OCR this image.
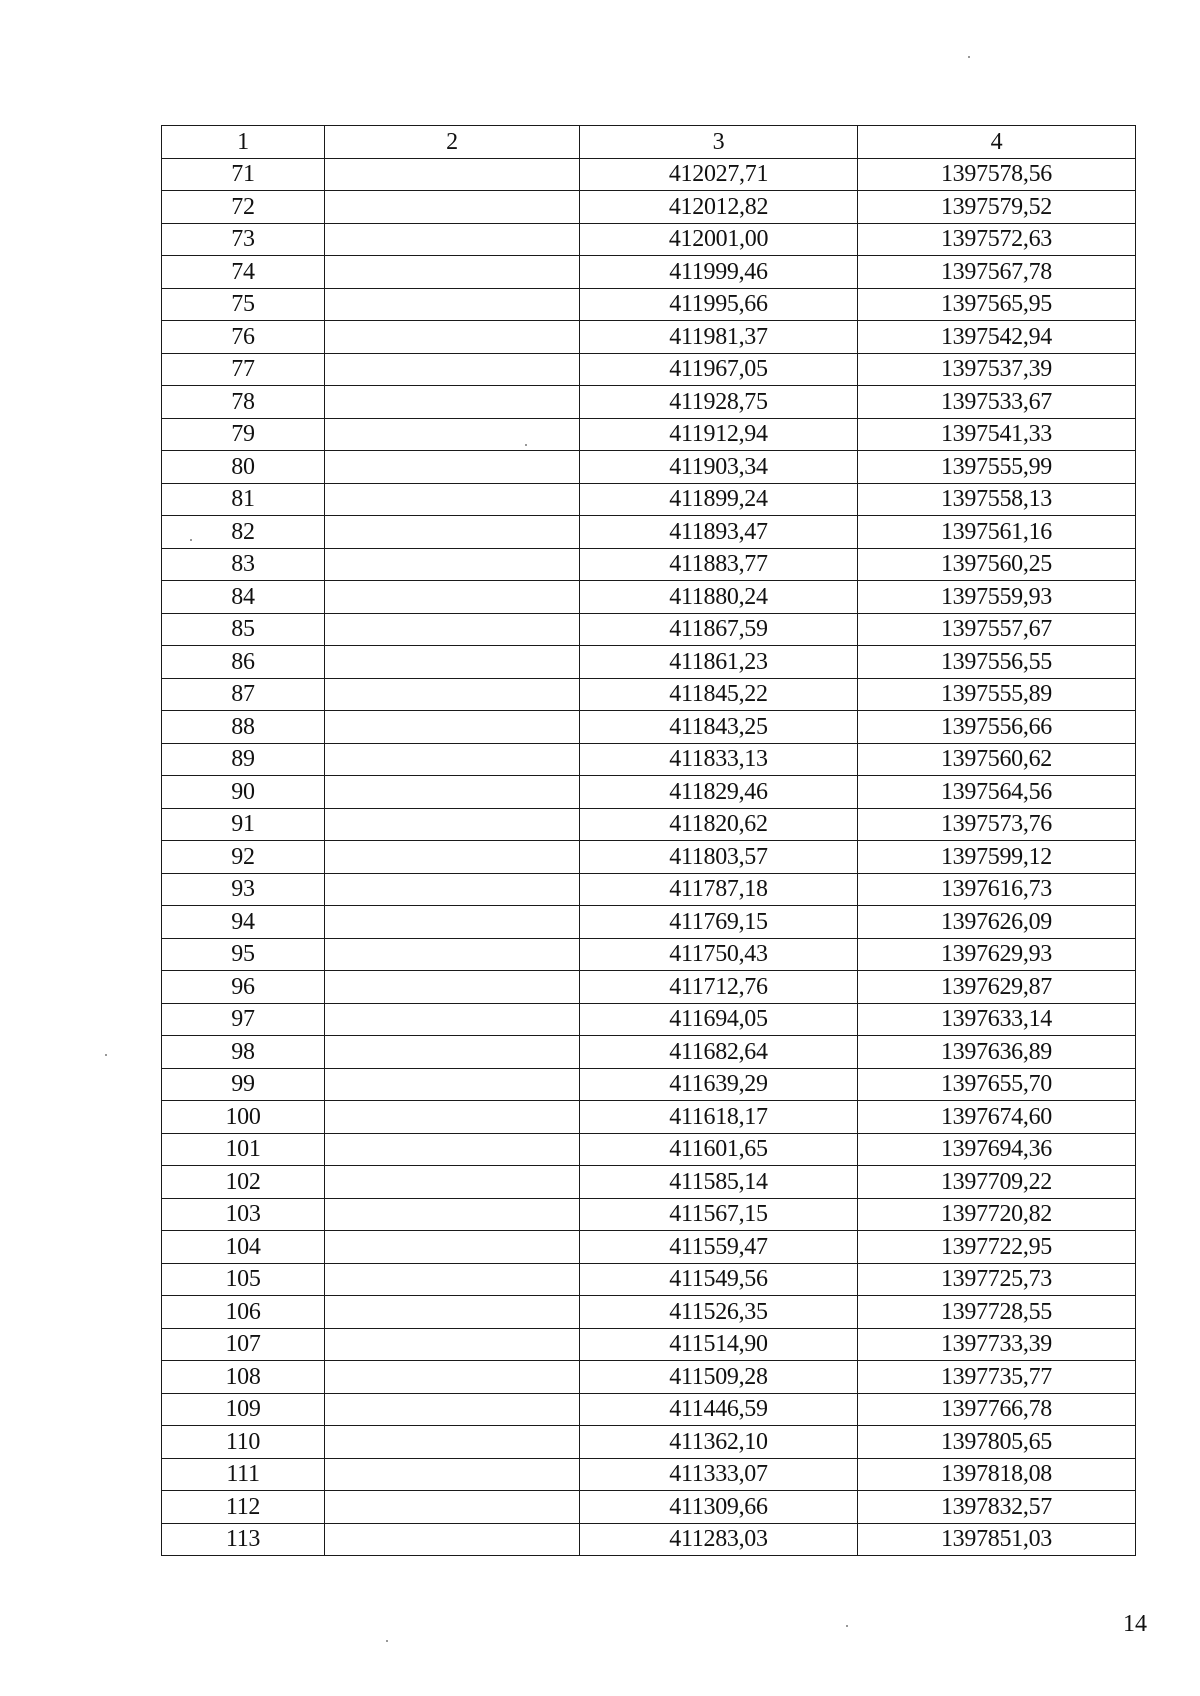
1	2	3	4
71		412027,71	1397578,56
72		412012,82	1397579,52
73		412001,00	1397572,63
74		411999,46	1397567,78
75		411995,66	1397565,95
76		411981,37	1397542,94
77		411967,05	1397537,39
78		411928,75	1397533,67
79		411912,94	1397541,33
80		411903,34	1397555,99
81		411899,24	1397558,13
82		411893,47	1397561,16
83		411883,77	1397560,25
84		411880,24	1397559,93
85		411867,59	1397557,67
86		411861,23	1397556,55
87		411845,22	1397555,89
88		411843,25	1397556,66
89		411833,13	1397560,62
90		411829,46	1397564,56
91		411820,62	1397573,76
92		411803,57	1397599,12
93		411787,18	1397616,73
94		411769,15	1397626,09
95		411750,43	1397629,93
96		411712,76	1397629,87
97		411694,05	1397633,14
98		411682,64	1397636,89
99		411639,29	1397655,70
100		411618,17	1397674,60
101		411601,65	1397694,36
102		411585,14	1397709,22
103		411567,15	1397720,82
104		411559,47	1397722,95
105		411549,56	1397725,73
106		411526,35	1397728,55
107		411514,90	1397733,39
108		411509,28	1397735,77
109		411446,59	1397766,78
110		411362,10	1397805,65
111		411333,07	1397818,08
112		411309,66	1397832,57
113		411283,03	1397851,03
14
